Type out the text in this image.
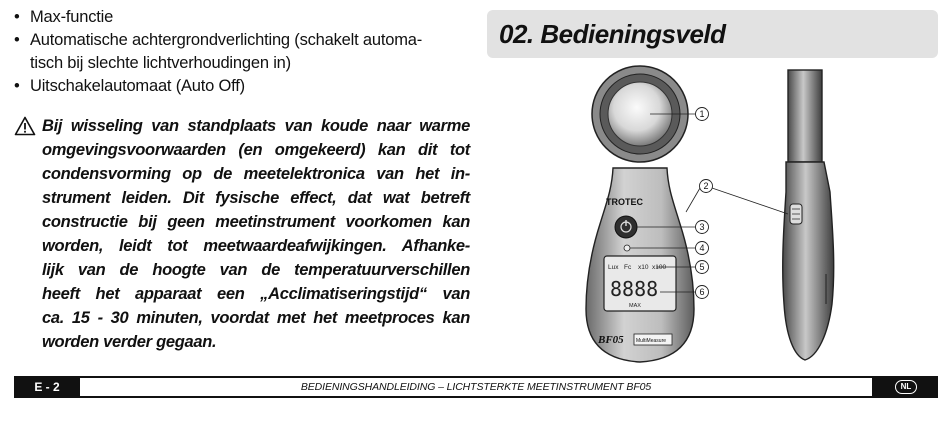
• Max-functie
• Automatische achtergrondverlichting (schakelt automa-
tisch bij slechte lichtverhoudingen in)
• Uitschakelautomaat (Auto Off)
Bij wisseling van standplaats van koude naar warme
omgevingsvoorwaarden (en omgekeerd) kan dit tot
condensvorming op de meetelektronica van het in-
strument leiden. Dit fysische effect, dat wat betreft
constructie bij geen meetinstrument voorkomen kan
worden, leidt tot meetwaardeafwijkingen. Afhanke-
lijk van de hoogte van de temperatuurverschillen
heeft het apparaat een „Acclimatiseringstijd“ van
ca. 15 - 30 minuten, voordat met het meetproces kan
worden verder gegaan.
02. Bedieningsveld
TROTEC
Lux Fc x10 x100
8888
MAX
BF05 MultiMeasure
1
2
3
4
5
6
E - 2	BEDIENINGSHANDLEIDING – LICHTSTERKTE MEETINSTRUMENT BF05	NL
